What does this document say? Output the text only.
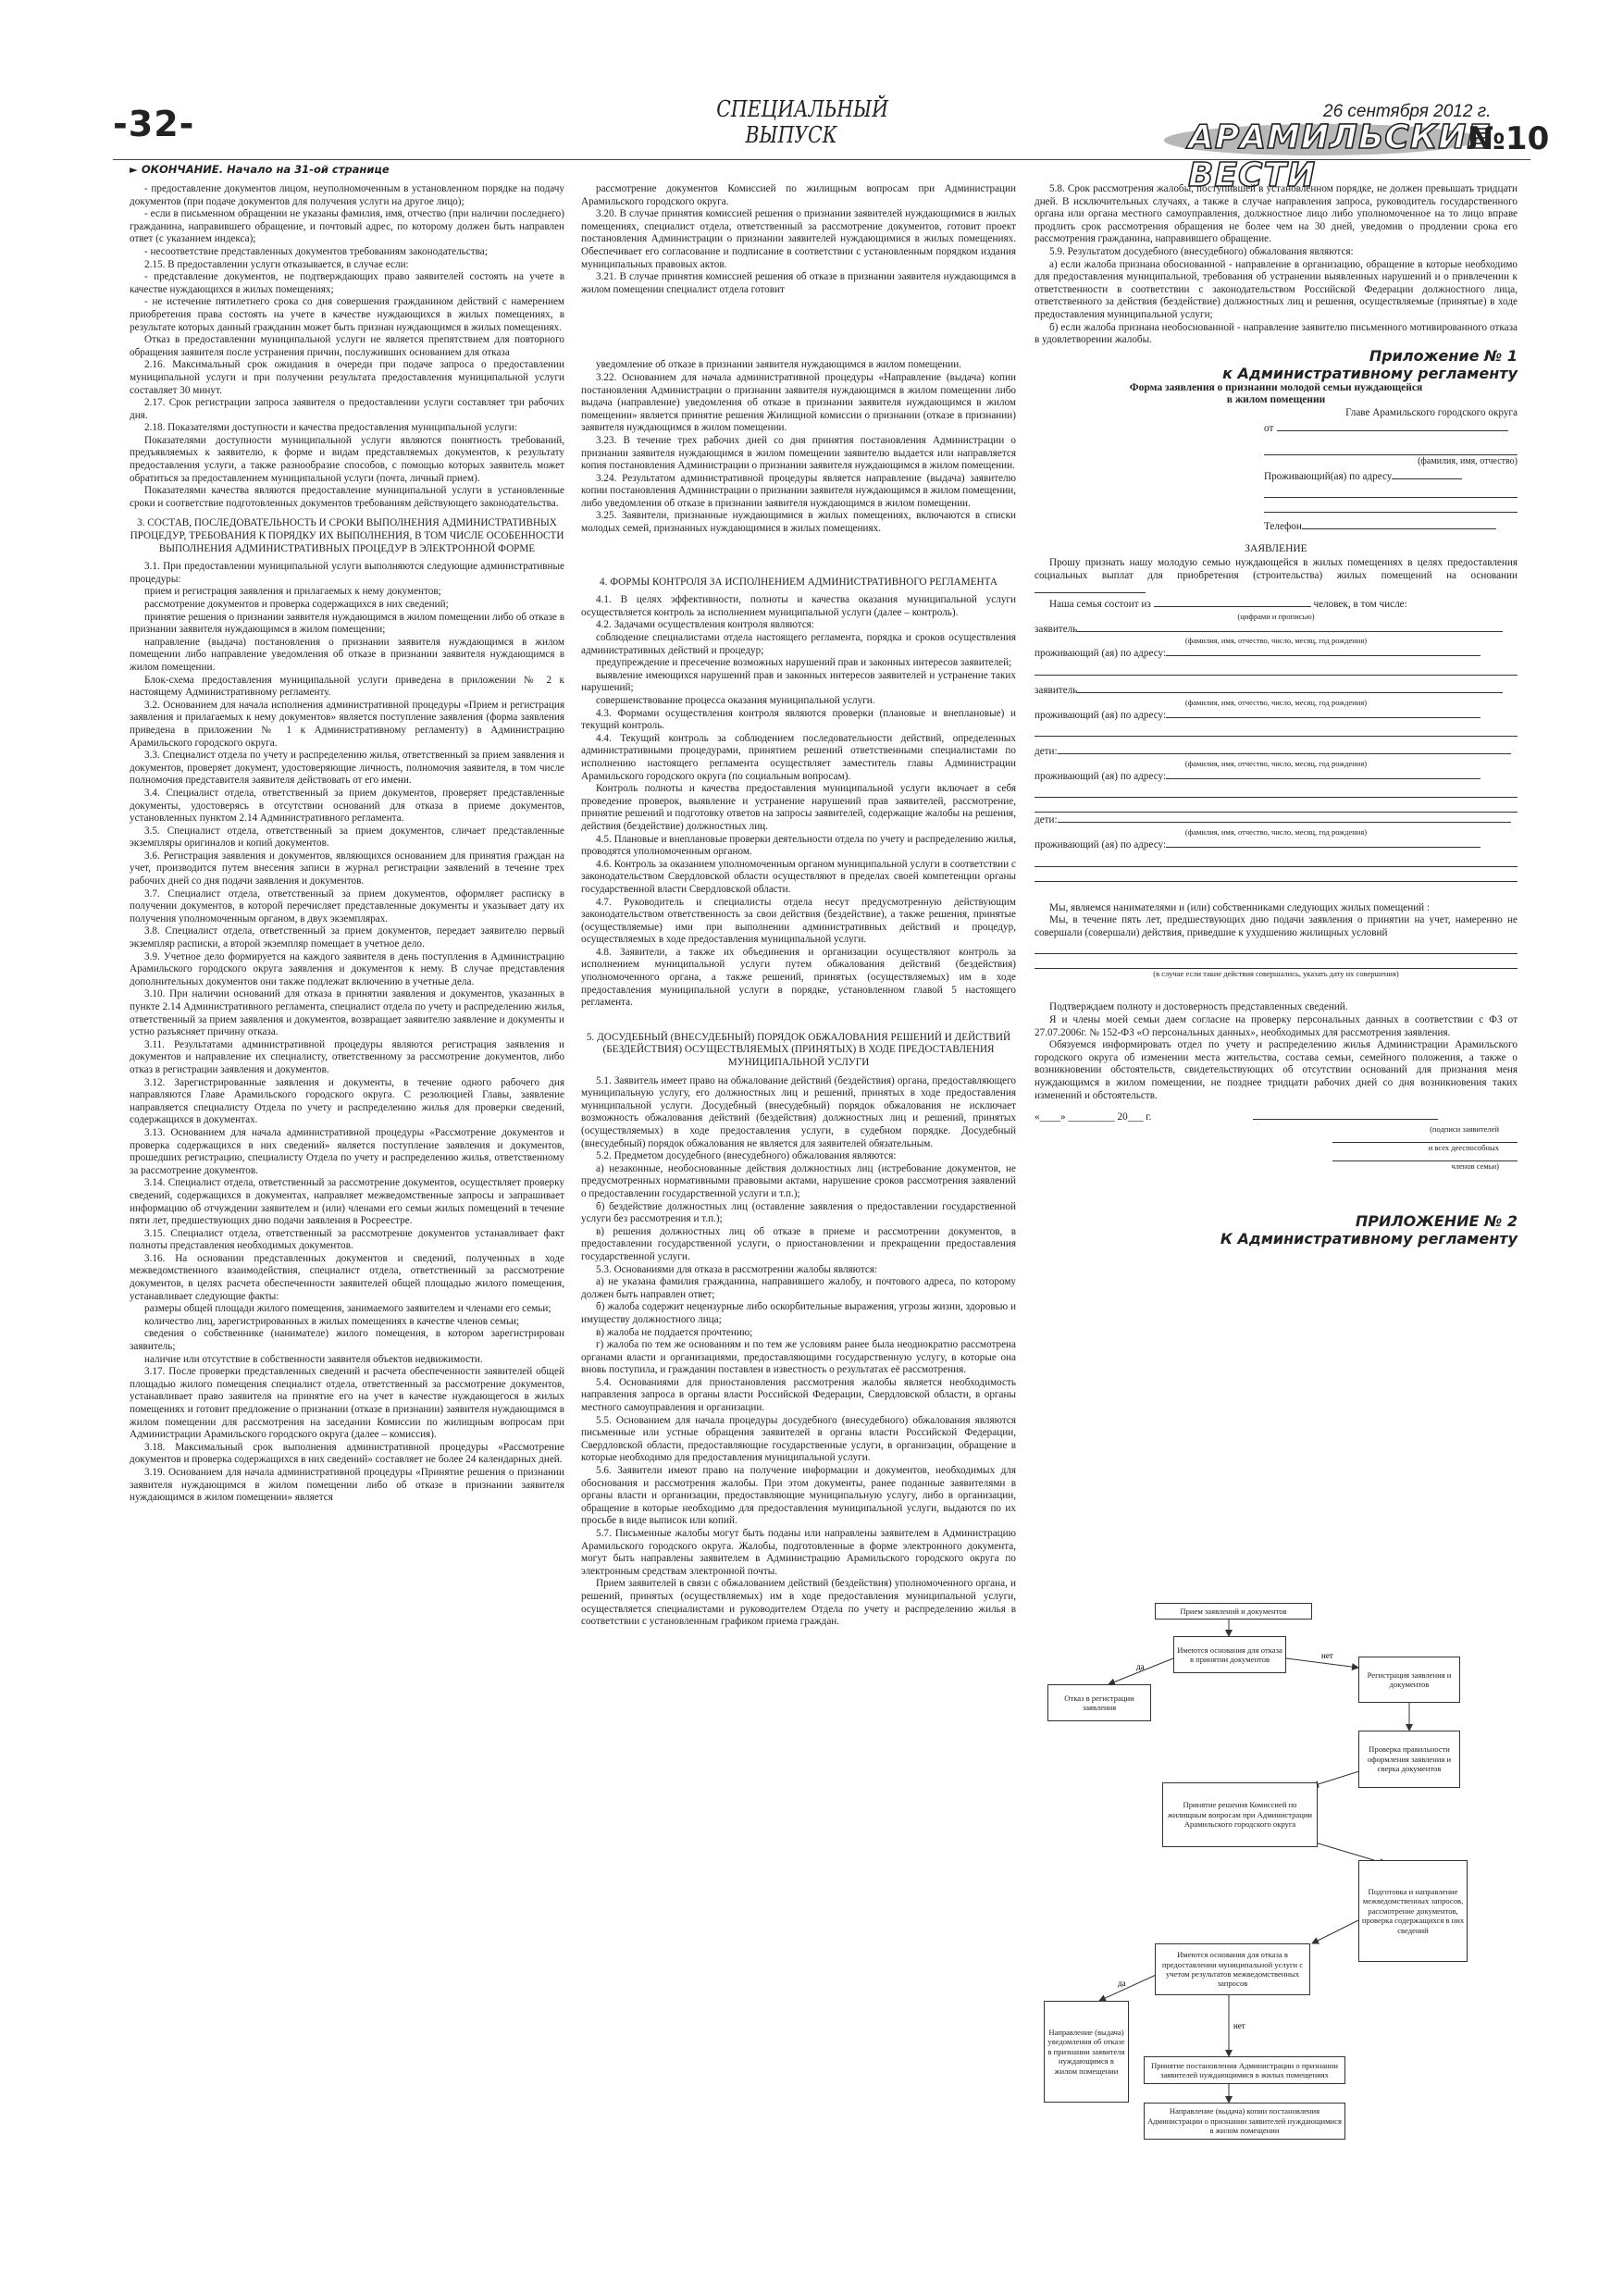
-32-	СПЕЦИАЛЬНЫЙ
ВЫПУСК
26 сентября 2012 г.
АРАМИЛЬСКИЕ ВЕСТИ
№10
► ОКОНЧАНИЕ. Начало на 31-ой странице

- предоставление документов лицом, неуполномоченным в установленном порядке на подачу документов (при подаче документов для получения услуги на другое лицо);

- если в письменном обращении не указаны фамилия, имя, отчество (при наличии последнего) гражданина, направившего обращение, и почтовый адрес, по которому должен быть направлен ответ (с указанием индекса);

- несоответствие представленных документов требованиям законодательства;

2.15. В предоставлении услуги отказывается, в случае если:

- представление документов, не подтверждающих право заявителей состоять на учете в качестве нуждающихся в жилых помещениях;

- не истечение пятилетнего срока со дня совершения гражданином действий с намерением приобретения права состоять на учете в качестве нуждающихся в жилых помещениях, в результате которых данный гражданин может быть признан нуждающимся в жилых помещениях.

Отказ в предоставлении муниципальной услуги не является препятствием для повторного обращения заявителя после устранения причин, послуживших основанием для отказа

2.16. Максимальный срок ожидания в очереди при подаче запроса о предоставлении муниципальной услуги и при получении результата предоставления муниципальной услуги составляет 30 минут.

2.17. Срок регистрации запроса заявителя о предоставлении услуги составляет три рабочих дня.

2.18. Показателями доступности и качества предоставления муниципальной услуги:

Показателями доступности муниципальной услуги являются понятность требований, предъявляемых к заявителю, к форме и видам представляемых документов, к результату предоставления услуги, а также разнообразие способов, с помощью которых заявитель может обратиться за предоставлением муниципальной услуги (почта, личный прием).

Показателями качества являются предоставление муниципальной услуги в установленные сроки и соответствие подготовленных документов требованиям действующего законодательства.

3. СОСТАВ, ПОСЛЕДОВАТЕЛЬНОСТЬ И СРОКИ ВЫПОЛНЕНИЯ АДМИНИСТРАТИВНЫХ ПРОЦЕДУР, ТРЕБОВАНИЯ К ПОРЯДКУ ИХ ВЫПОЛНЕНИЯ, В ТОМ ЧИСЛЕ ОСОБЕННОСТИ ВЫПОЛНЕНИЯ АДМИНИСТРАТИВНЫХ ПРОЦЕДУР В ЭЛЕКТРОННОЙ ФОРМЕ

3.1. При предоставлении муниципальной услуги выполняются следующие административные процедуры:

прием и регистрация заявления и прилагаемых к нему документов;

рассмотрение документов и проверка содержащихся в них сведений;

принятие решения о признании заявителя нуждающимся в жилом помещении либо об отказе в признании заявителя нуждающимся в жилом помещении;

направление (выдача) постановления о признании заявителя нуждающимся в жилом помещении либо направление уведомления об отказе в признании заявителя нуждающимся в жилом помещении.

Блок-схема предоставления муниципальной услуги приведена в приложении № 2 к настоящему Административному регламенту.

3.2. Основанием для начала исполнения административной процедуры «Прием и регистрация заявления и прилагаемых к нему документов» является поступление заявления (форма заявления приведена в приложении № 1 к Административному регламенту) в Администрацию Арамильского городского округа.

3.3. Специалист отдела по учету и распределению жилья, ответственный за прием заявления и документов, проверяет документ, удостоверяющие личность, полномочия заявителя, в том числе полномочия представителя заявителя действовать от его имени.

3.4. Специалист отдела, ответственный за прием документов, проверяет представленные документы, удостоверясь в отсутствии оснований для отказа в приеме документов, установленных пунктом 2.14 Административного регламента.

3.5. Специалист отдела, ответственный за прием документов, сличает представленные экземпляры оригиналов и копий документов.

3.6. Регистрация заявления и документов, являющихся основанием для принятия граждан на учет, производится путем внесения записи в журнал регистрации заявлений в течение трех рабочих дней со дня подачи заявления и документов.

3.7. Специалист отдела, ответственный за прием документов, оформляет расписку в получении документов, в которой перечисляет представленные документы и указывает дату их получения уполномоченным органом, в двух экземплярах.

3.8. Специалист отдела, ответственный за прием документов, передает заявителю первый экземпляр расписки, а второй экземпляр помещает в учетное дело.

3.9. Учетное дело формируется на каждого заявителя в день поступления в Администрацию Арамильского городского округа заявления и документов к нему. В случае представления дополнительных документов они также подлежат включению в учетные дела.

3.10. При наличии оснований для отказа в принятии заявления и документов, указанных в пункте 2.14 Административного регламента, специалист отдела по учету и распределению жилья, ответственный за прием заявления и документов, возвращает заявителю заявление и документы и устно разъясняет причину отказа.

3.11. Результатами административной процедуры являются регистрация заявления и документов и направление их специалисту, ответственному за рассмотрение документов, либо отказ в регистрации заявления и документов.

3.12. Зарегистрированные заявления и документы, в течение одного рабочего дня направляются Главе Арамильского городского округа. С резолюцией Главы, заявление направляется специалисту Отдела по учету и распределению жилья для проверки сведений, содержащихся в документах.

3.13. Основанием для начала административной процедуры «Рассмотрение документов и проверка содержащихся в них сведений» является поступление заявления и документов, прошедших регистрацию, специалисту Отдела по учету и распределению жилья, ответственному за рассмотрение документов.

3.14. Специалист отдела, ответственный за рассмотрение документов, осуществляет проверку сведений, содержащихся в документах, направляет межведомственные запросы и запрашивает информацию об отчуждении заявителем и (или) членами его семьи жилых помещений в течение пяти лет, предшествующих дню подачи заявления в Росреестре.

3.15. Специалист отдела, ответственный за рассмотрение документов устанавливает факт полноты представления необходимых документов.

3.16. На основании представленных документов и сведений, полученных в ходе межведомственного взаимодействия, специалист отдела, ответственный за рассмотрение документов, в целях расчета обеспеченности заявителей общей площадью жилого помещения, устанавливает следующие факты:

размеры общей площади жилого помещения, занимаемого заявителем и членами его семьи;

количество лиц, зарегистрированных в жилых помещениях в качестве членов семьи;

сведения о собственнике (нанимателе) жилого помещения, в котором зарегистрирован заявитель;

наличие или отсутствие в собственности заявителя объектов недвижимости.

3.17. После проверки представленных сведений и расчета обеспеченности заявителей общей площадью жилого помещения специалист отдела, ответственный за рассмотрение документов, устанавливает право заявителя на принятие его на учет в качестве нуждающегося в жилых помещениях и готовит предложение о признании (отказе в признании) заявителя нуждающимся в жилом помещении для рассмотрения на заседании Комиссии по жилищным вопросам при Администрации Арамильского городского округа (далее – комиссия).

3.18. Максимальный срок выполнения административной процедуры «Рассмотрение документов и проверка содержащихся в них сведений» составляет не более 24 календарных дней.

3.19. Основанием для начала административной процедуры «Принятие решения о признании заявителя нуждающимся в жилом помещении либо об отказе в признании заявителя нуждающимся в жилом помещении» является

рассмотрение документов Комиссией по жилищным вопросам при Администрации Арамильского городского округа.

3.20. В случае принятия комиссией решения о признании заявителей нуждающимися в жилых помещениях, специалист отдела, ответственный за рассмотрение документов, готовит проект постановления Администрации о признании заявителей нуждающимися в жилых помещениях. Обеспечивает его согласование и подписание в соответствии с установленным порядком издания муниципальных правовых актов.

3.21. В случае принятия комиссией решения об отказе в признании заявителя нуждающимся в жилом помещении специалист отдела готовит

уведомление об отказе в признании заявителя нуждающимся в жилом помещении.

3.22. Основанием для начала административной процедуры «Направление (выдача) копии постановления Администрации о признании заявителя нуждающимся в жилом помещении либо выдача (направление) уведомления об отказе в признании заявителя нуждающимся в жилом помещении» является принятие решения Жилищной комиссии о признании (отказе в признании) заявителя нуждающимся в жилом помещении.

3.23. В течение трех рабочих дней со дня принятия постановления Администрации о признании заявителя нуждающимся в жилом помещении заявителю выдается или направляется копия постановления Администрации о признании заявителя нуждающимся в жилом помещении.

3.24. Результатом административной процедуры является направление (выдача) заявителю копии постановления Администрации о признании заявителя нуждающимся в жилом помещении, либо уведомления об отказе в признании заявителя нуждающимся в жилом помещении.

3.25. Заявители, признанные нуждающимися в жилых помещениях, включаются в списки молодых семей, признанных нуждающимися в жилых помещениях.

4. ФОРМЫ КОНТРОЛЯ ЗА ИСПОЛНЕНИЕМ АДМИНИСТРАТИВНОГО РЕГЛАМЕНТА

4.1. В целях эффективности, полноты и качества оказания муниципальной услуги осуществляется контроль за исполнением муниципальной услуги (далее – контроль).

4.2. Задачами осуществления контроля являются:

соблюдение специалистами отдела настоящего регламента, порядка и сроков осуществления административных действий и процедур;

предупреждение и пресечение возможных нарушений прав и законных интересов заявителей;

выявление имеющихся нарушений прав и законных интересов заявителей и устранение таких нарушений;

совершенствование процесса оказания муниципальной услуги.

4.3. Формами осуществления контроля являются проверки (плановые и внеплановые) и текущий контроль.

4.4. Текущий контроль за соблюдением последовательности действий, определенных административными процедурами, принятием решений ответственными специалистами по исполнению настоящего регламента осуществляет заместитель главы Администрации Арамильского городского округа (по социальным вопросам).

Контроль полноты и качества предоставления муниципальной услуги включает в себя проведение проверок, выявление и устранение нарушений прав заявителей, рассмотрение, принятие решений и подготовку ответов на запросы заявителей, содержащие жалобы на решения, действия (бездействие) должностных лиц.

4.5. Плановые и внеплановые проверки деятельности отдела по учету и распределению жилья, проводятся уполномоченным органом.

4.6. Контроль за оказанием уполномоченным органом муниципальной услуги в соответствии с законодательством Свердловской области осуществляют в пределах своей компетенции органы государственной власти Свердловской области.

4.7. Руководитель и специалисты отдела несут предусмотренную действующим законодательством ответственность за свои действия (бездействие), а также решения, принятые (осуществляемые) ими при выполнении административных действий и процедур, осуществляемых в ходе предоставления муниципальной услуги.

4.8. Заявители, а также их объединения и организации осуществляют контроль за исполнением муниципальной услуги путем обжалования действий (бездействия) уполномоченного органа, а также решений, принятых (осуществляемых) им в ходе предоставления муниципальной услуги в порядке, установленном главой 5 настоящего регламента.

5. ДОСУДЕБНЫЙ (ВНЕСУДЕБНЫЙ) ПОРЯДОК ОБЖАЛОВАНИЯ РЕШЕНИЙ И ДЕЙСТВИЙ (БЕЗДЕЙСТВИЯ) ОСУЩЕСТВЛЯЕМЫХ (ПРИНЯТЫХ) В ХОДЕ ПРЕДОСТАВЛЕНИЯ МУНИЦИПАЛЬНОЙ УСЛУГИ

5.1. Заявитель имеет право на обжалование действий (бездействия) органа, предоставляющего муниципальную услугу, его должностных лиц и решений, принятых в ходе предоставления муниципальной услуги. Досудебный (внесудебный) порядок обжалования не исключает возможность обжалования действий (бездействия) должностных лиц и решений, принятых (осуществляемых) в ходе предоставления услуги, в судебном порядке. Досудебный (внесудебный) порядок обжалования не является для заявителей обязательным.

5.2. Предметом досудебного (внесудебного) обжалования являются:

а) незаконные, необоснованные действия должностных лиц (истребование документов, не предусмотренных нормативными правовыми актами, нарушение сроков рассмотрения заявлений о предоставлении государственной услуги и т.п.);

б) бездействие должностных лиц (оставление заявления о предоставлении государственной услуги без рассмотрения и т.п.);

в) решения должностных лиц об отказе в приеме и рассмотрении документов, в предоставлении государственной услуги, о приостановлении и прекращении предоставления государственной услуги.

5.3. Основаниями для отказа в рассмотрении жалобы являются:

а) не указана фамилия гражданина, направившего жалобу, и почтового адреса, по которому должен быть направлен ответ;

б) жалоба содержит нецензурные либо оскорбительные выражения, угрозы жизни, здоровью и имуществу должностного лица;

в) жалоба не поддается прочтению;

г) жалоба по тем же основаниям и по тем же условиям ранее была неоднократно рассмотрена органами власти и организациями, предоставляющими государственную услугу, в которые она вновь поступила, и гражданин поставлен в известность о результатах её рассмотрения.

5.4. Основаниями для приостановления рассмотрения жалобы является необходимость направления запроса в органы власти Российской Федерации, Свердловской области, в органы местного самоуправления и организации.

5.5. Основанием для начала процедуры досудебного (внесудебного) обжалования являются письменные или устные обращения заявителей в органы власти Российской Федерации, Свердловской области, предоставляющие государственные услуги, в организации, обращение в которые необходимо для предоставления муниципальной услуги.

5.6. Заявители имеют право на получение информации и документов, необходимых для обоснования и рассмотрения жалобы. При этом документы, ранее поданные заявителями в органы власти и организации, предоставляющие муниципальную услугу, либо в организации, обращение в которые необходимо для предоставления муниципальной услуги, выдаются по их просьбе в виде выписок или копий.

5.7. Письменные жалобы могут быть поданы или направлены заявителем в Администрацию Арамильского городского округа. Жалобы, подготовленные в форме электронного документа, могут быть направлены заявителем в Администрацию Арамильского городского округа по электронным средствам электронной почты.

Прием заявителей в связи с обжалованием действий (бездействия) уполномоченного органа, и решений, принятых (осуществляемых) им в ходе предоставления муниципальной услуги, осуществляется специалистами и руководителем Отдела по учету и распределению жилья в соответствии с установленным графиком приема граждан.

5.8. Срок рассмотрения жалобы, поступившей в установленном порядке, не должен превышать тридцати дней. В исключительных случаях, а также в случае направления запроса, руководитель государственного органа или органа местного самоуправления, должностное лицо либо уполномоченное на то лицо вправе продлить срок рассмотрения обращения не более чем на 30 дней, уведомив о продлении срока его рассмотрения гражданина, направившего обращение.

5.9. Результатом досудебного (внесудебного) обжалования являются:

а) если жалоба признана обоснованной - направление в организацию, обращение в которые необходимо для предоставления муниципальной, требования об устранении выявленных нарушений и о привлечении к ответственности в соответствии с законодательством Российской Федерации должностного лица, ответственного за действия (бездействие) должностных лиц и решения, осуществляемые (принятые) в ходе предоставления муниципальной услуги;

б) если жалоба признана необоснованной - направление заявителю письменного мотивированного отказа в удовлетворении жалобы.

Приложение № 1
к Административному регламенту

Форма заявления о признании молодой семьи нуждающейся
в жилом помещении

Главе Арамильского городского округа
от
(фамилия, имя, отчество)
Проживающий(ая) по адресу
Телефон

ЗАЯВЛЕНИЕ

Прошу признать нашу молодую семью нуждающейся в жилых помещениях в целях предоставления социальных выплат для приобретения (строительства) жилых помещений на основании

Наша семья состоит из	человек, в том числе:

(цифрами и прописью)

заявитель

(фамилия, имя, отчество, число, месяц, год рождения)

проживающий (ая) по адресу:

заявитель

(фамилия, имя, отчество, число, месяц, год рождения)

проживающий (ая) по адресу:

дети:

(фамилия, имя, отчество, число, месяц, год рождения)

проживающий (ая) по адресу:

дети:

(фамилия, имя, отчество, число, месяц, год рождения)

проживающий (ая) по адресу:

Мы, являемся нанимателями и (или) собственниками следующих жилых помещений :

Мы, в течение пять лет, предшествующих дню подачи заявления о принятии на учет, намеренно не совершали (совершали) действия, приведшие к ухудшению жилищных условий

(в случае если такие действия совершались, указать дату их совершения)

Подтверждаем полноту и достоверность представленных сведений.

Я и члены моей семьи даем согласие на проверку персональных данных в соответствии с ФЗ от 27.07.2006г. № 152-ФЗ «О персональных данных», необходимых для рассмотрения заявления.

Обязуемся информировать отдел по учету и распределению жилья Администрации Арамильского городского округа об изменении места жительства, состава семьи, семейного положения, а также о возникновении обстоятельств, свидетельствующих об отсутствии оснований для признания меня нуждающимся в жилом помещении, не позднее тридцати рабочих дней со дня возникновения таких изменений и обстоятельств.

«____» _________ 20___ г.

(подписи заявителей

и всех дееспособных

членов семьи)

ПРИЛОЖЕНИЕ № 2
К Административному регламенту

да
нет
да
нет
Прием заявлений и документов
Имеются основания для отказа в принятии документов
Отказ в регистрации заявления
Регистрация заявления и документов
Проверка правильности оформления заявления и сверка документов
Принятие решения Комиссией по жилищным вопросам при Администрации Арамильского городского округа
Подготовка и направление межведомственных запросов, рассмотрение документов, проверка содержащихся в них сведений
Имеются основания для отказа в предоставлении муниципальной услуги с учетом результатов межведомственных запросов
Направление (выдача) уведомления об отказе в признании заявителя нуждающимся в жилом помещении
Принятие постановления Администрации о признании заявителей нуждающимися в жилых помещениях
Направление (выдача) копии постановления Администрации о признании заявителей нуждающимися в жилом помещении
